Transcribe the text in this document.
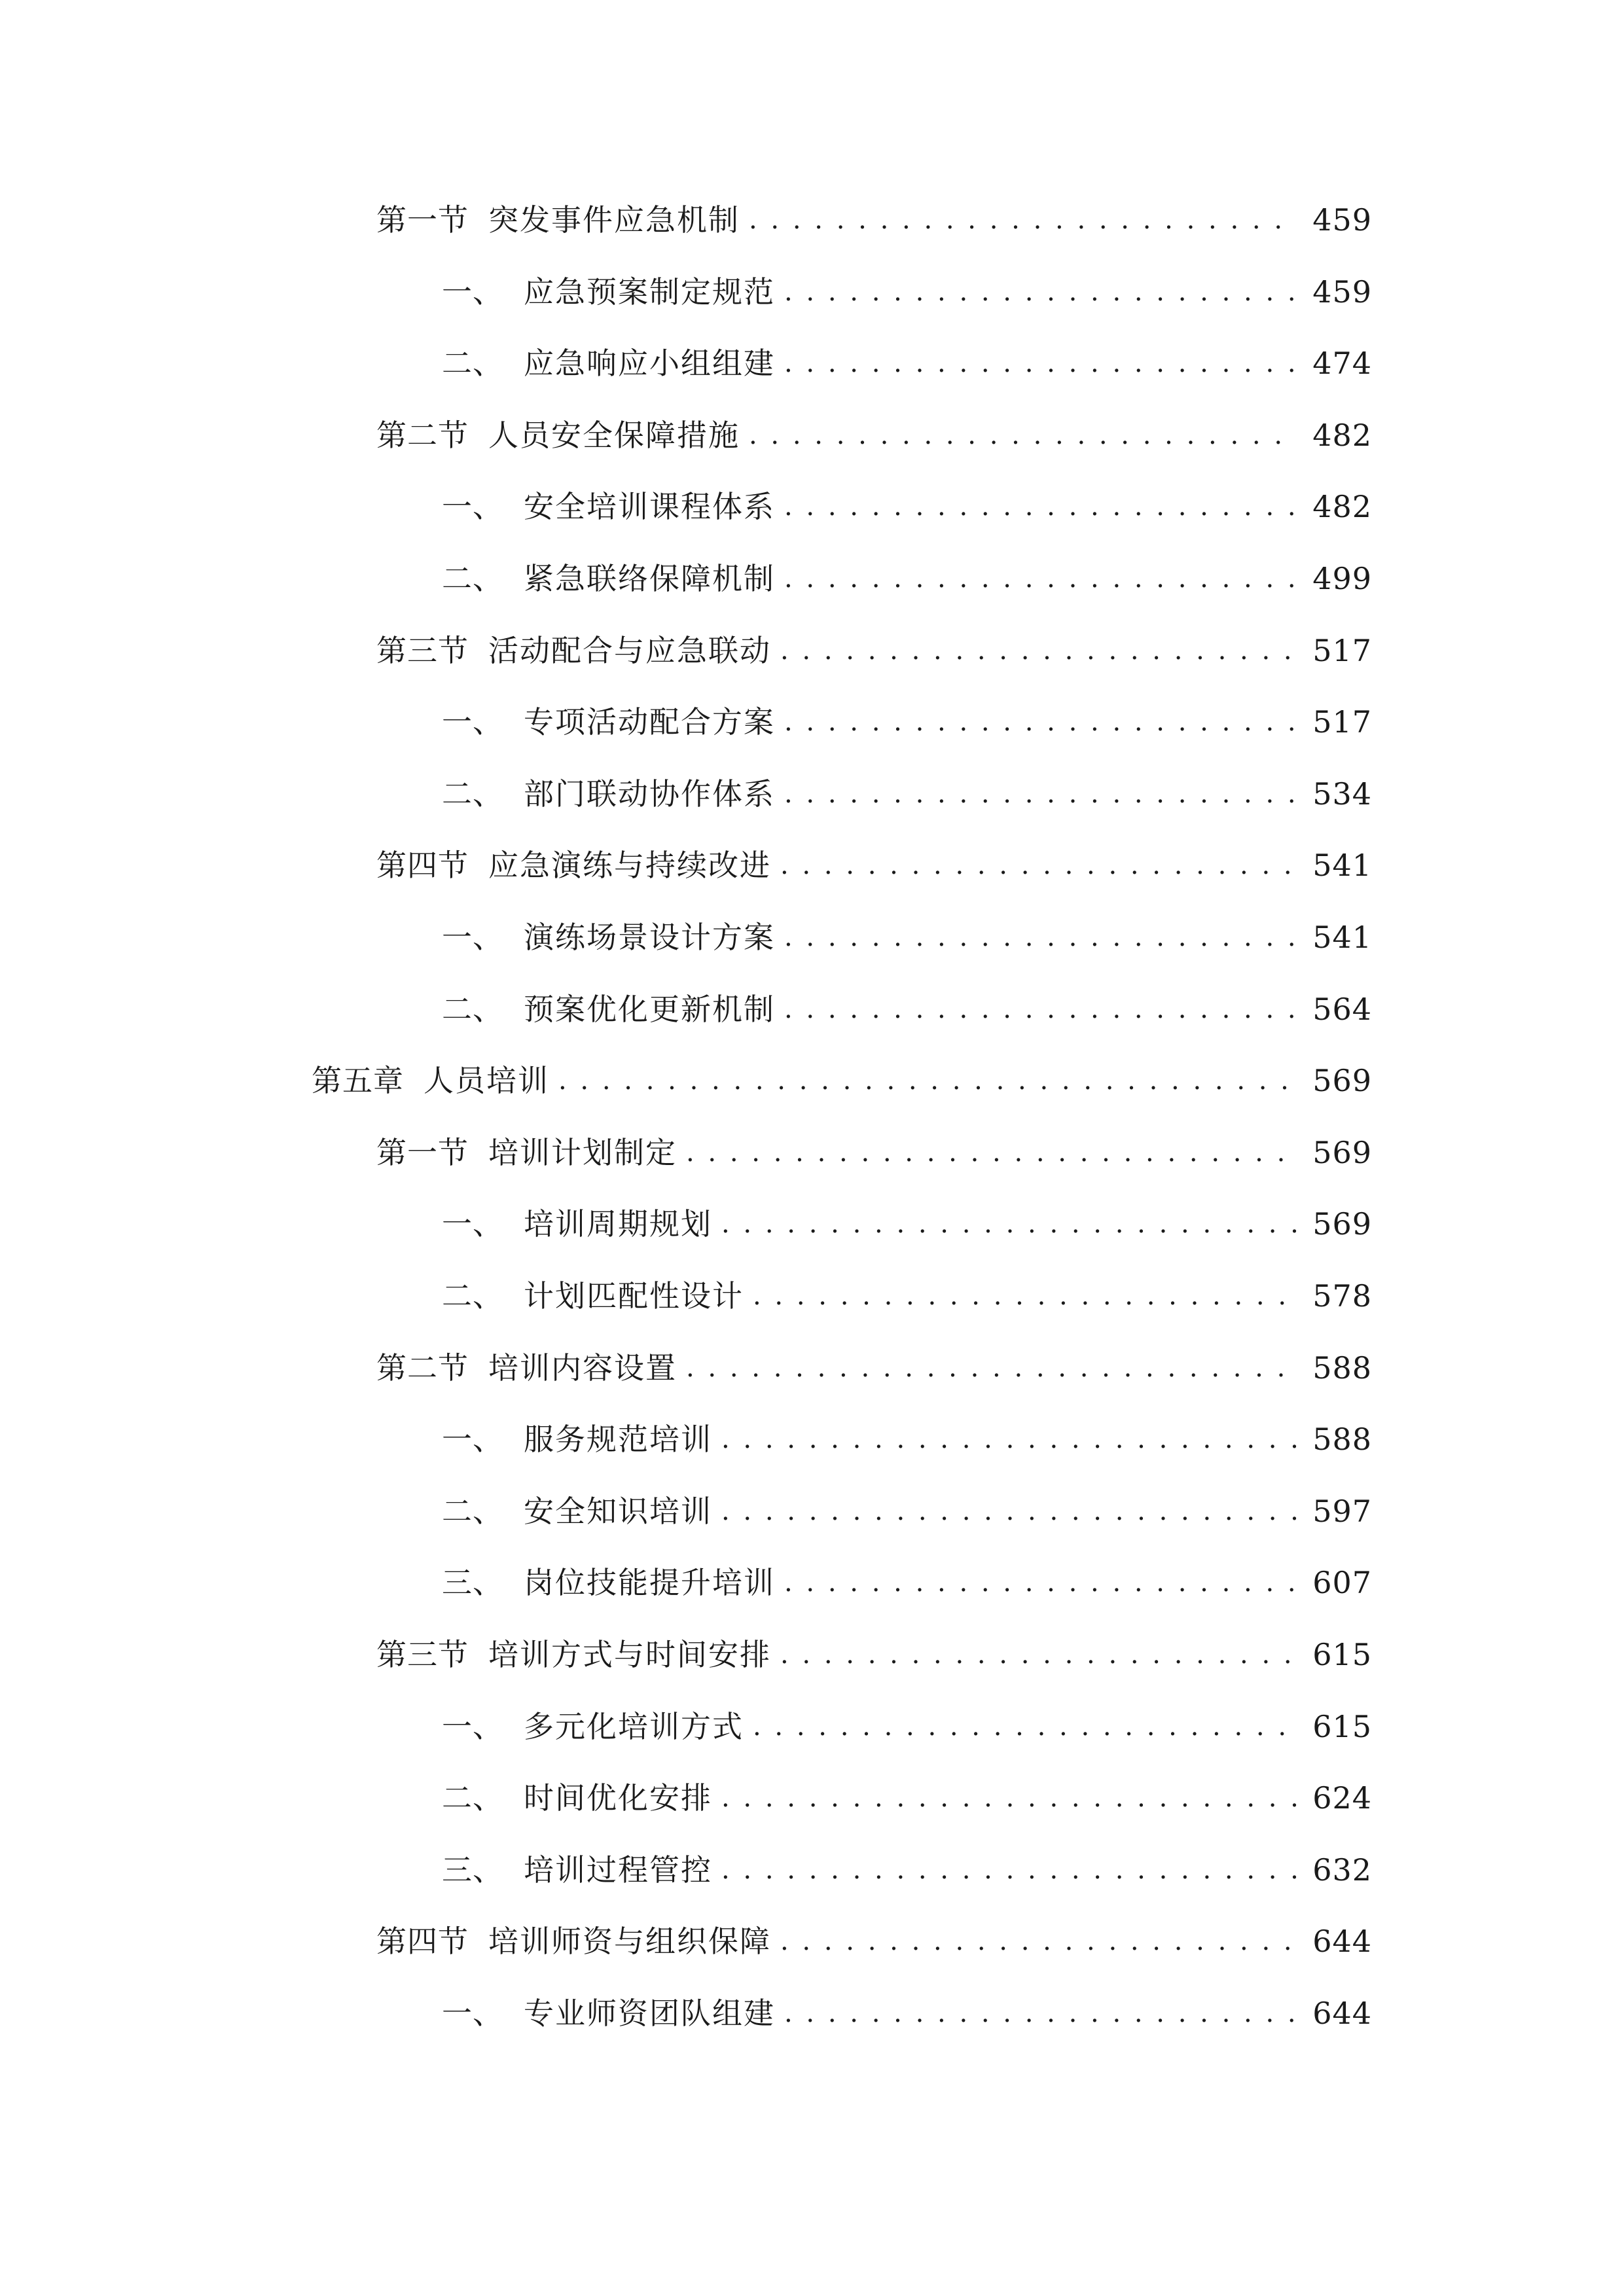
第一节 突发事件应急机制 . . .	459
一、 应急预案制定规范 . . .	459
二、 应急响应小组组建 . . .	474
第二节 人员安全保障措施 . . .	482
一、 安全培训课程体系 . . .	482
二、 紧急联络保障机制 . . .	499
第三节 活动配合与应急联动 . . .	517
一、 专项活动配合方案 . . .	517
二、 部门联动协作体系 . . .	534
第四节 应急演练与持续改进 . . .	541
一、 演练场景设计方案 . . .	541
二、 预案优化更新机制 . . .	564
第五章 人员培训 . . .	569
第一节 培训计划制定 . . .	569
一、 培训周期规划 . . .	569
二、 计划匹配性设计 . . .	578
第二节 培训内容设置 . . .	588
一、 服务规范培训 . . .	588
二、 安全知识培训 . . .	597
三、 岗位技能提升培训 . . .	607
第三节 培训方式与时间安排 . . .	615
一、 多元化培训方式 . . .	615
二、 时间优化安排 . . .	624
三、 培训过程管控 . . .	632
第四节 培训师资与组织保障 . . .	644
一、 专业师资团队组建 . . .	644
